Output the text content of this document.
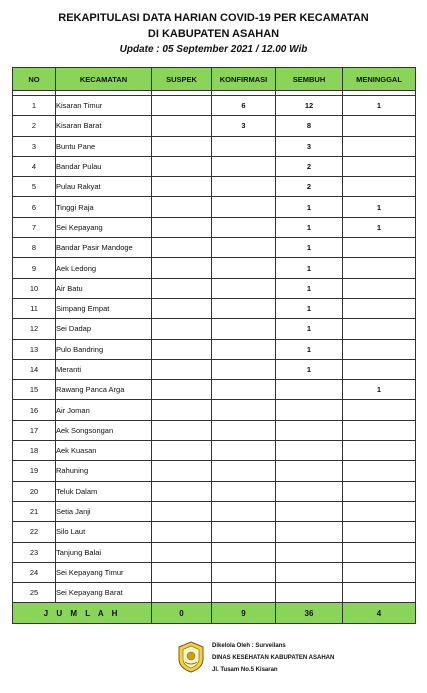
REKAPITULASI DATA HARIAN COVID-19 PER KECAMATAN
DI KABUPATEN ASAHAN
Update : 05 September 2021 / 12.00 Wib
NO	KECAMATAN	SUSPEK	KONFIRMASI	SEMBUH	MENINGGAL

1	Kisaran Timur		6	12	1
2	Kisaran Barat		3	8	
3	Buntu Pane			3	
4	Bandar Pulau			2	
5	Pulau Rakyat			2	
6	Tinggi Raja			1	1
7	Sei Kepayang			1	1
8	Bandar Pasir Mandoge			1	
9	Aek Ledong			1	
10	Air Batu			1	
11	Simpang Empat			1	
12	Sei Dadap			1	
13	Pulo Bandring			1	
14	Meranti			1	
15	Rawang Panca Arga				1
16	Air Joman				
17	Aek Songsongan				
18	Aek Kuasan				
19	Rahuning				
20	Teluk Dalam				
21	Setia Janji				
22	Silo Laut				
23	Tanjung Balai				
24	Sei Kepayang Timur				
25	Sei Kepayang Barat				
J U M L A H		0	9	36	4
Dikelola Oleh : Surveilans
DINAS KESEHATAN KABUPATEN ASAHAN
Jl. Tusam No.5 Kisaran
